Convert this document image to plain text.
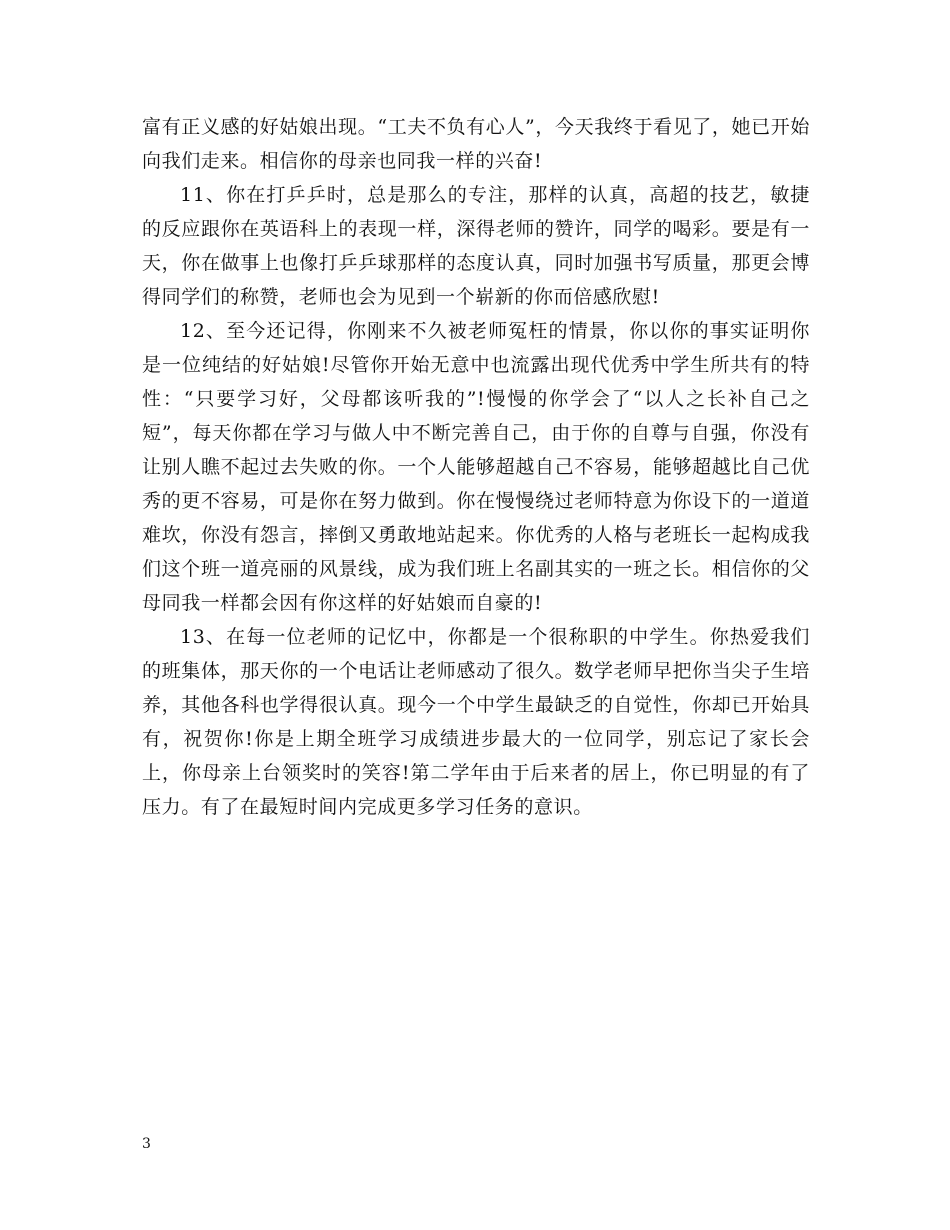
富有正义感的好姑娘出现。“工夫不负有心人”，今天我终于看见了，她已开始向我们走来。相信你的母亲也同我一样的兴奋!

11、你在打乒乒时，总是那么的专注，那样的认真，高超的技艺，敏捷的反应跟你在英语科上的表现一样，深得老师的赞许，同学的喝彩。要是有一天，你在做事上也像打乒乒球那样的态度认真，同时加强书写质量，那更会博得同学们的称赞，老师也会为见到一个崭新的你而倍感欣慰!

12、至今还记得，你刚来不久被老师冤枉的情景，你以你的事实证明你是一位纯结的好姑娘!尽管你开始无意中也流露出现代优秀中学生所共有的特性：“只要学习好，父母都该听我的”!慢慢的你学会了“以人之长补自己之短”，每天你都在学习与做人中不断完善自己，由于你的自尊与自强，你没有让别人瞧不起过去失败的你。一个人能够超越自己不容易，能够超越比自己优秀的更不容易，可是你在努力做到。你在慢慢绕过老师特意为你设下的一道道难坎，你没有怨言，摔倒又勇敢地站起来。你优秀的人格与老班长一起构成我们这个班一道亮丽的风景线，成为我们班上名副其实的一班之长。相信你的父母同我一样都会因有你这样的好姑娘而自豪的!

13、在每一位老师的记忆中，你都是一个很称职的中学生。你热爱我们的班集体，那天你的一个电话让老师感动了很久。数学老师早把你当尖子生培养，其他各科也学得很认真。现今一个中学生最缺乏的自觉性，你却已开始具有，祝贺你!你是上期全班学习成绩进步最大的一位同学，别忘记了家长会上，你母亲上台领奖时的笑容!第二学年由于后来者的居上，你已明显的有了压力。有了在最短时间内完成更多学习任务的意识。

3
